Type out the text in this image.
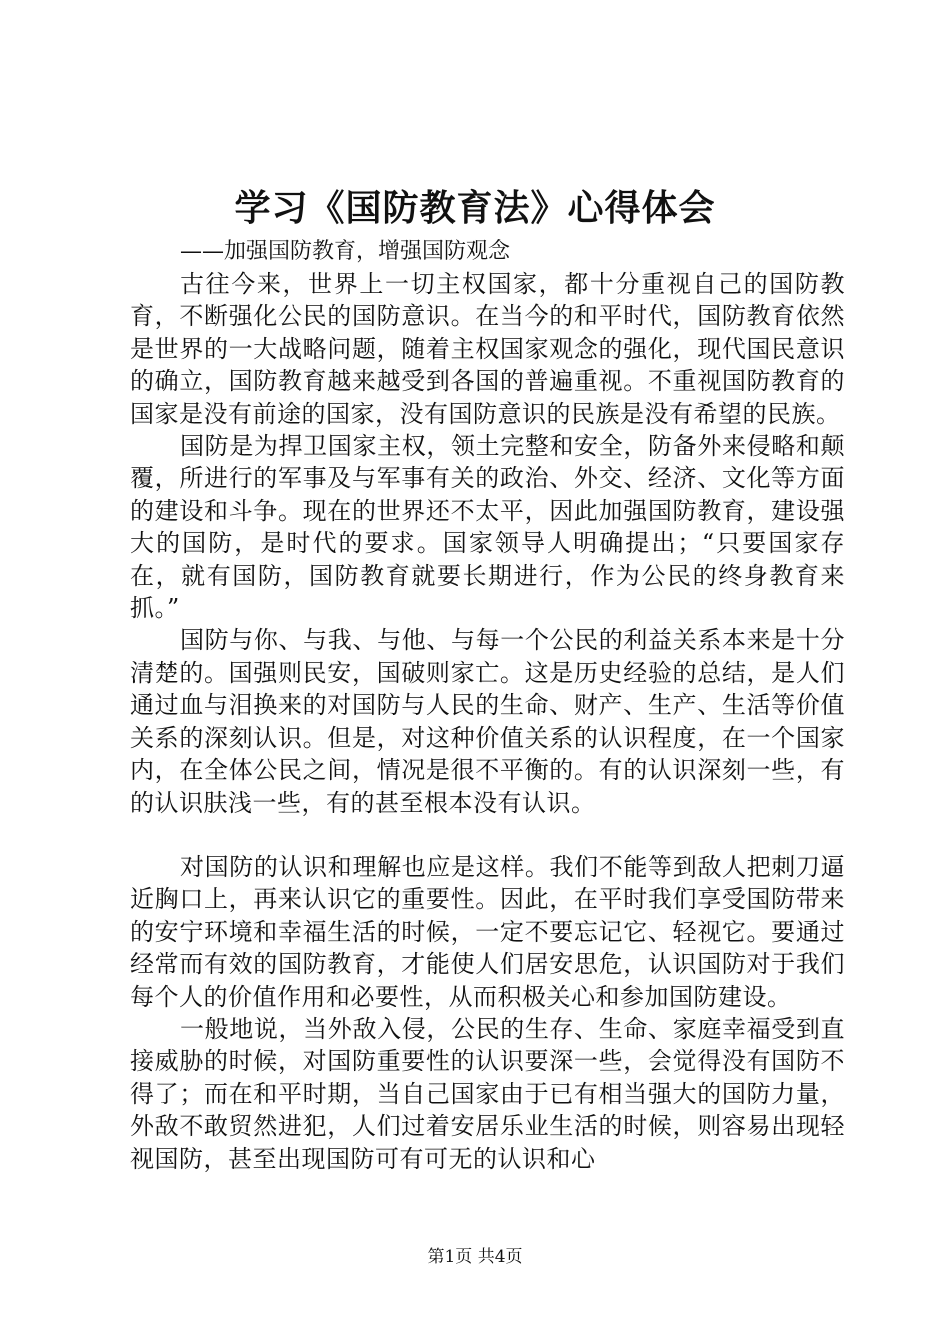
学习《国防教育法》心得体会

——加强国防教育，增强国防观念

古往今来，世界上一切主权国家，都十分重视自己的国防教育，不断强化公民的国防意识。在当今的和平时代，国防教育依然是世界的一大战略问题，随着主权国家观念的强化，现代国民意识的确立，国防教育越来越受到各国的普遍重视。不重视国防教育的国家是没有前途的国家，没有国防意识的民族是没有希望的民族。

国防是为捍卫国家主权，领土完整和安全，防备外来侵略和颠覆，所进行的军事及与军事有关的政治、外交、经济、文化等方面的建设和斗争。现在的世界还不太平，因此加强国防教育，建设强大的国防，是时代的要求。国家领导人明确提出；“只要国家存在，就有国防，国防教育就要长期进行，作为公民的终身教育来抓。”

国防与你、与我、与他、与每一个公民的利益关系本来是十分清楚的。国强则民安，国破则家亡。这是历史经验的总结，是人们通过血与泪换来的对国防与人民的生命、财产、生产、生活等价值关系的深刻认识。但是，对这种价值关系的认识程度，在一个国家内，在全体公民之间，情况是很不平衡的。有的认识深刻一些，有的认识肤浅一些，有的甚至根本没有认识。

对国防的认识和理解也应是这样。我们不能等到敌人把刺刀逼近胸口上，再来认识它的重要性。因此，在平时我们享受国防带来的安宁环境和幸福生活的时候，一定不要忘记它、轻视它。要通过经常而有效的国防教育，才能使人们居安思危，认识国防对于我们每个人的价值作用和必要性，从而积极关心和参加国防建设。

一般地说，当外敌入侵，公民的生存、生命、家庭幸福受到直接威胁的时候，对国防重要性的认识要深一些，会觉得没有国防不得了；而在和平时期，当自己国家由于已有相当强大的国防力量，外敌不敢贸然进犯，人们过着安居乐业生活的时候，则容易出现轻视国防，甚至出现国防可有可无的认识和心

第1页 共4页
